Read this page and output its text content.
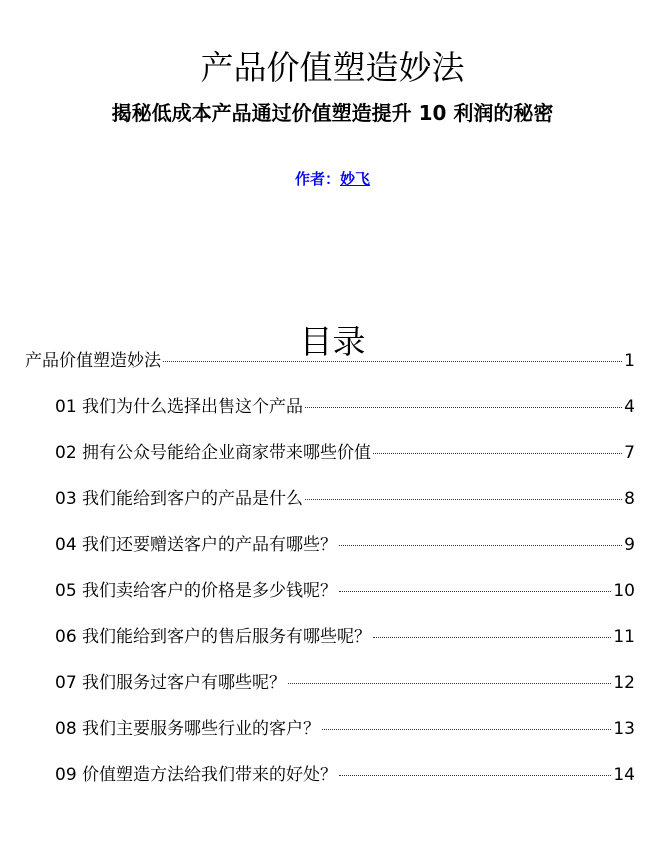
产品价值塑造妙法
揭秘低成本产品通过价值塑造提升 10 利润的秘密
作者：妙飞
目录
产品价值塑造妙法	1
01 我们为什么选择出售这个产品	4
02 拥有公众号能给企业商家带来哪些价值	7
03 我们能给到客户的产品是什么	8
04 我们还要赠送客户的产品有哪些？	9
05 我们卖给客户的价格是多少钱呢？	10
06 我们能给到客户的售后服务有哪些呢？	11
07 我们服务过客户有哪些呢？	12
08 我们主要服务哪些行业的客户？	13
09 价值塑造方法给我们带来的好处？	14
